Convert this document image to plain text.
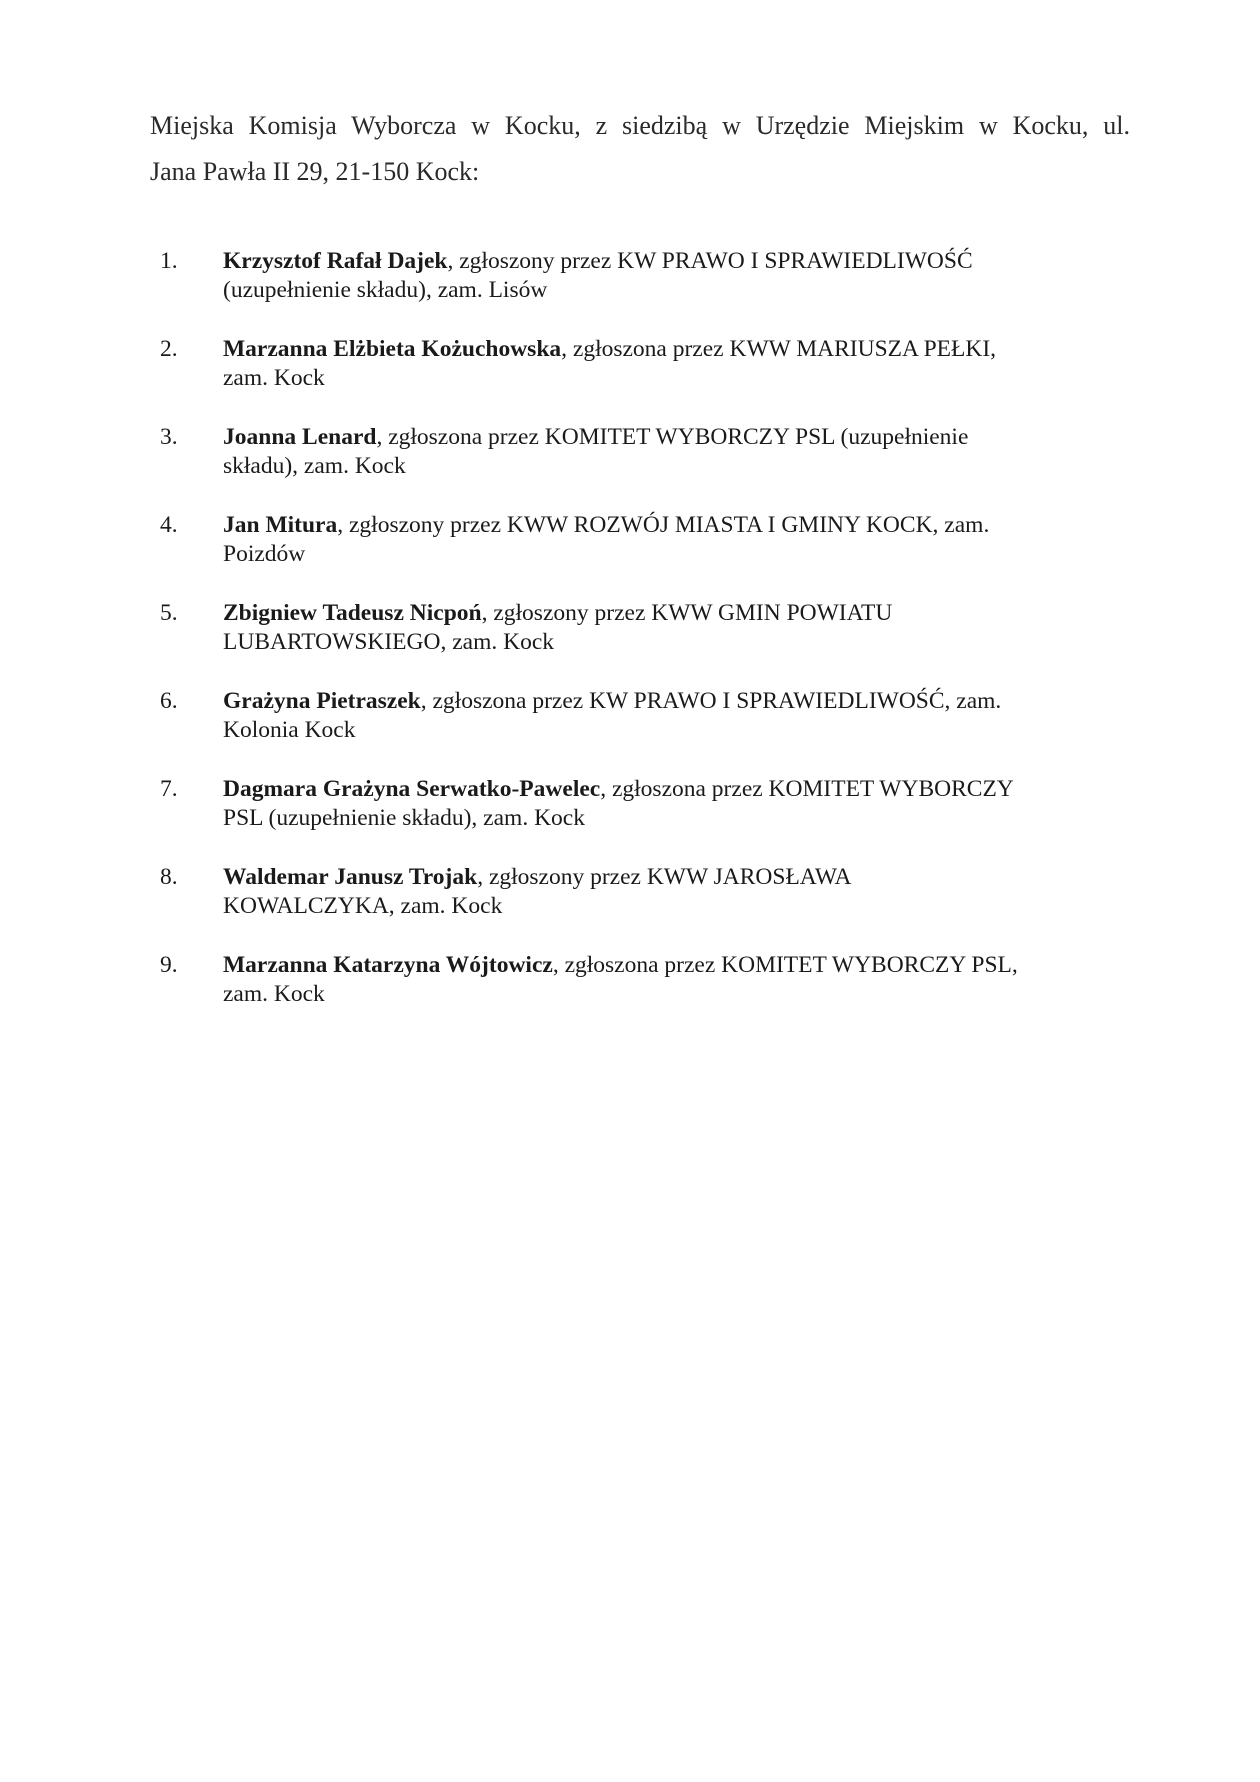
Miejska Komisja Wyborcza w Kocku, z siedzibą w Urzędzie Miejskim w Kocku, ul.
Jana Pawła II 29, 21-150 Kock:
1.	Krzysztof Rafał Dajek, zgłoszony przez KW PRAWO I SPRAWIEDLIWOŚĆ
(uzupełnienie składu), zam. Lisów
2.	Marzanna Elżbieta Kożuchowska, zgłoszona przez KWW MARIUSZA PEŁKI,
zam. Kock
3.	Joanna Lenard, zgłoszona przez KOMITET WYBORCZY PSL (uzupełnienie
składu), zam. Kock
4.	Jan Mitura, zgłoszony przez KWW ROZWÓJ MIASTA I GMINY KOCK, zam.
Poizdów
5.	Zbigniew Tadeusz Nicpoń, zgłoszony przez KWW GMIN POWIATU
LUBARTOWSKIEGO, zam. Kock
6.	Grażyna Pietraszek, zgłoszona przez KW PRAWO I SPRAWIEDLIWOŚĆ, zam.
Kolonia Kock
7.	Dagmara Grażyna Serwatko-Pawelec, zgłoszona przez KOMITET WYBORCZY
PSL (uzupełnienie składu), zam. Kock
8.	Waldemar Janusz Trojak, zgłoszony przez KWW JAROSŁAWA
KOWALCZYKA, zam. Kock
9.	Marzanna Katarzyna Wójtowicz, zgłoszona przez KOMITET WYBORCZY PSL,
zam. Kock
